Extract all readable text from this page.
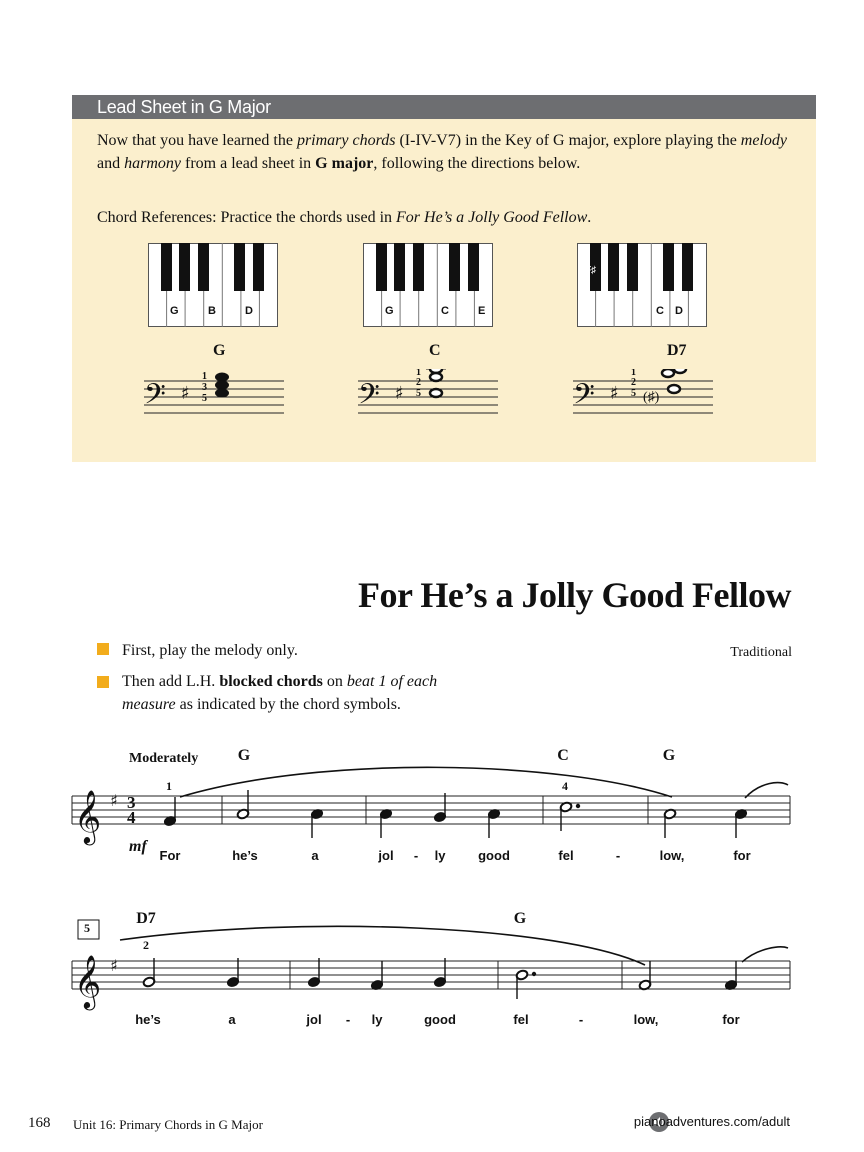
Lead Sheet in G Major
Now that you have learned the primary chords (I-IV-V7) in the Key of G major, explore playing the melody and harmony from a lead sheet in G major, following the directions below.
Chord References: Practice the chords used in For He’s a Jolly Good Fellow.
G	B	D
G
G	C	E
C
F♯
C D
D7
𝄢 ♯
1
3
5	𝄢 ♯
1
2
5	𝄢 ♯
1
2
5 (♯)
For He’s a Jolly Good Fellow
First, play the melody only.	Traditional
Then add L.H. blocked chords on beat 1 of each measure as indicated by the chord symbols.
𝄞 ♯ 3
4
𝄞 ♯
Moderately
mf
5
G	C	G
1	4
For	he’s	a	jol - ly	good	fel	-	low,	for
D7	G
2
he’s	a	jol - ly	good	fel	-	low,	for
168 Unit 16: Primary Chords in G Major	pianoadventures.com/adult
